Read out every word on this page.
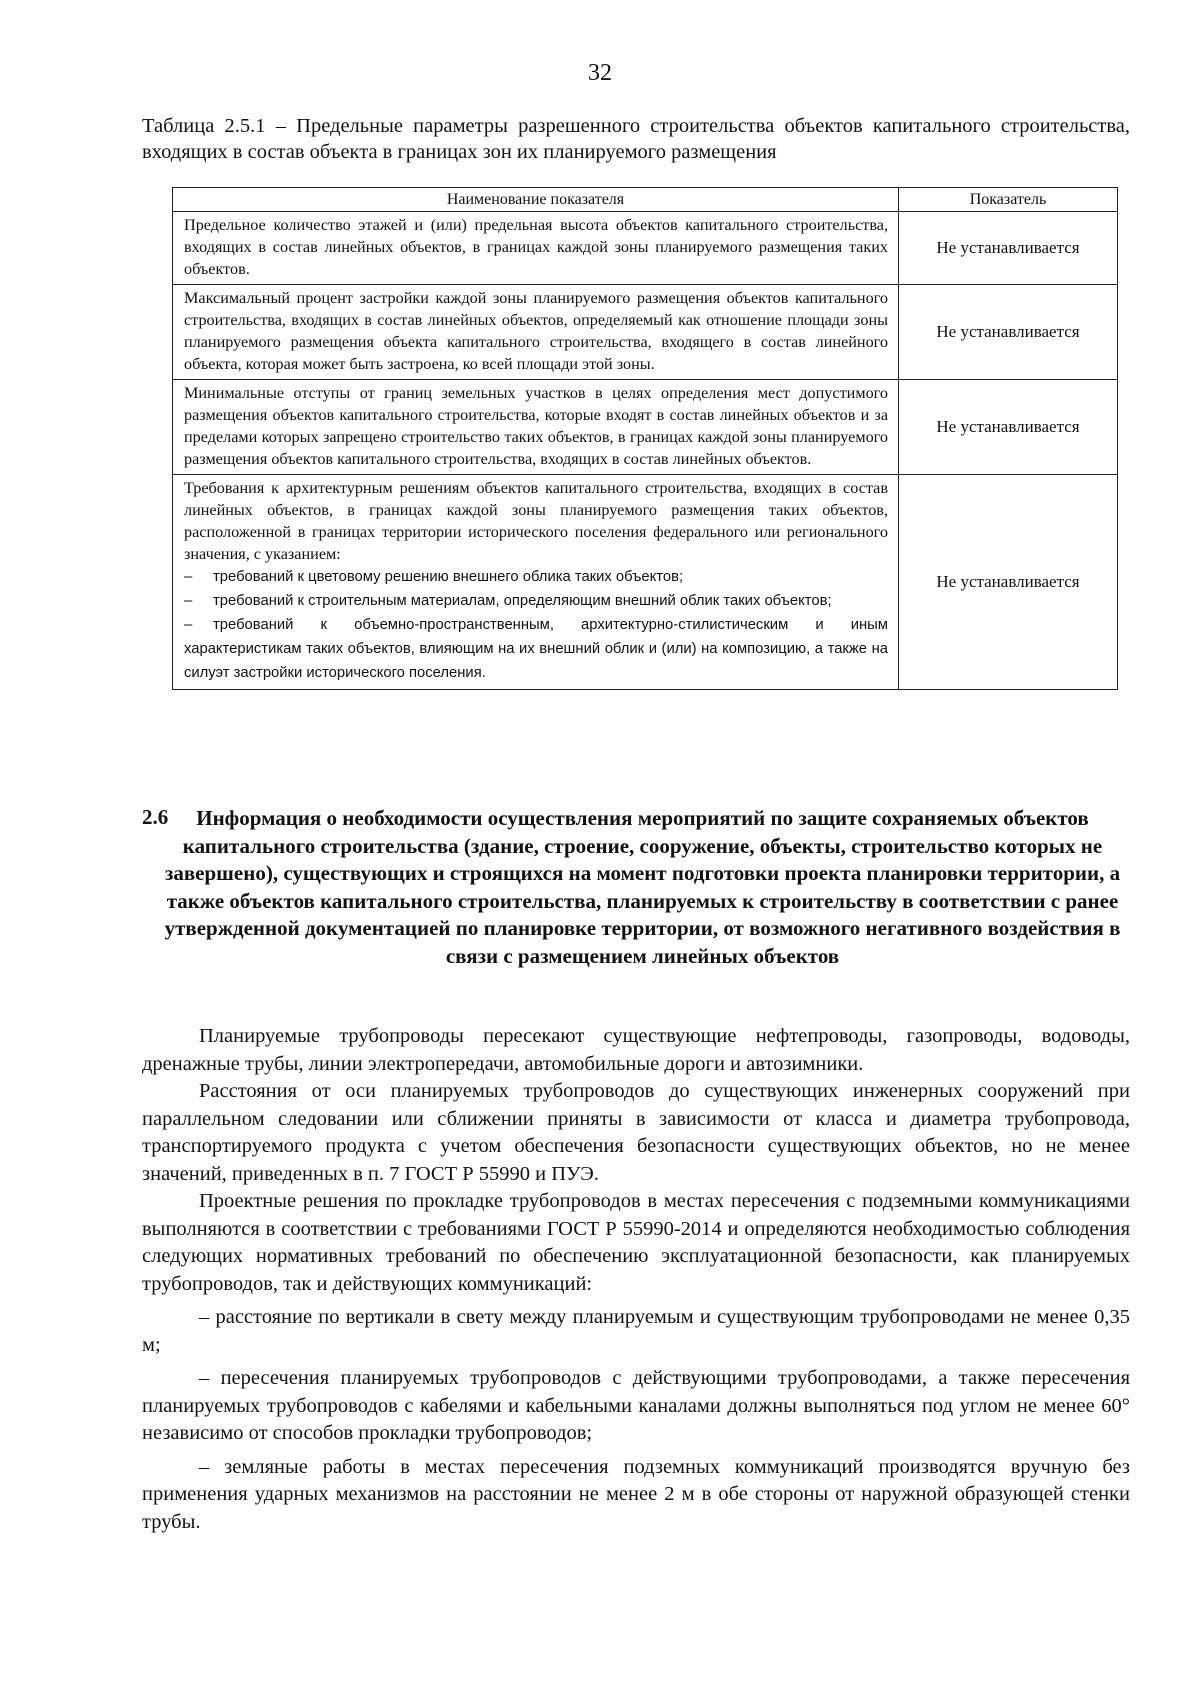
32
Таблица 2.5.1 – Предельные параметры разрешенного строительства объектов капитального строительства, входящих в состав объекта в границах зон их планируемого размещения
Наименование показателя	Показатель
Предельное количество этажей и (или) предельная высота объектов капитального строительства, входящих в состав линейных объектов, в границах каждой зоны планируемого размещения таких объектов.	Не устанавливается
Максимальный процент застройки каждой зоны планируемого размещения объектов капитального строительства, входящих в состав линейных объектов, определяемый как отношение площади зоны планируемого размещения объекта капитального строительства, входящего в состав линейного объекта, которая может быть застроена, ко всей площади этой зоны.	Не устанавливается
Минимальные отступы от границ земельных участков в целях определения мест допустимого размещения объектов капитального строительства, которые входят в состав линейных объектов и за пределами которых запрещено строительство таких объектов, в границах каждой зоны планируемого размещения объектов капитального строительства, входящих в состав линейных объектов.	Не устанавливается

Требования к архитектурным решениям объектов капитального строительства, входящих в состав линейных объектов, в границах каждой зоны планируемого размещения таких объектов, расположенной в границах территории исторического поселения федерального или регионального значения, с указанием:
– требований к цветовому решению внешнего облика таких объектов;
– требований к строительным материалам, определяющим внешний облик таких объектов;
– требований к объемно-пространственным, архитектурно-стилистическим и иным характеристикам таких объектов, влияющим на их внешний облик и (или) на композицию, а также на силуэт застройки исторического поселения.	Не устанавливается
2.6	Информация о необходимости осуществления мероприятий по защите сохраняемых объектов капитального строительства (здание, строение, сооружение, объекты, строительство которых не завершено), существующих и строящихся на момент подготовки проекта планировки территории, а также объектов капитального строительства, планируемых к строительству в соответствии с ранее утвержденной документацией по планировке территории, от возможного негативного воздействия в связи с размещением линейных объектов

Планируемые трубопроводы пересекают существующие нефтепроводы, газопроводы, водоводы, дренажные трубы, линии электропередачи, автомобильные дороги и автозимники.

Расстояния от оси планируемых трубопроводов до существующих инженерных сооружений при параллельном следовании или сближении приняты в зависимости от класса и диаметра трубопровода, транспортируемого продукта с учетом обеспечения безопасности существующих объектов, но не менее значений, приведенных в п. 7 ГОСТ Р 55990 и ПУЭ.

Проектные решения по прокладке трубопроводов в местах пересечения с подземными коммуникациями выполняются в соответствии с требованиями ГОСТ Р 55990-2014 и определяются необходимостью соблюдения следующих нормативных требований по обеспечению эксплуатационной безопасности, как планируемых трубопроводов, так и действующих коммуникаций:

– расстояние по вертикали в свету между планируемым и существующим трубопроводами не менее 0,35 м;

– пересечения планируемых трубопроводов с действующими трубопроводами, а также пересечения планируемых трубопроводов с кабелями и кабельными каналами должны выполняться под углом не менее 60° независимо от способов прокладки трубопроводов;

– земляные работы в местах пересечения подземных коммуникаций производятся вручную без применения ударных механизмов на расстоянии не менее 2 м в обе стороны от наружной образующей стенки трубы.
